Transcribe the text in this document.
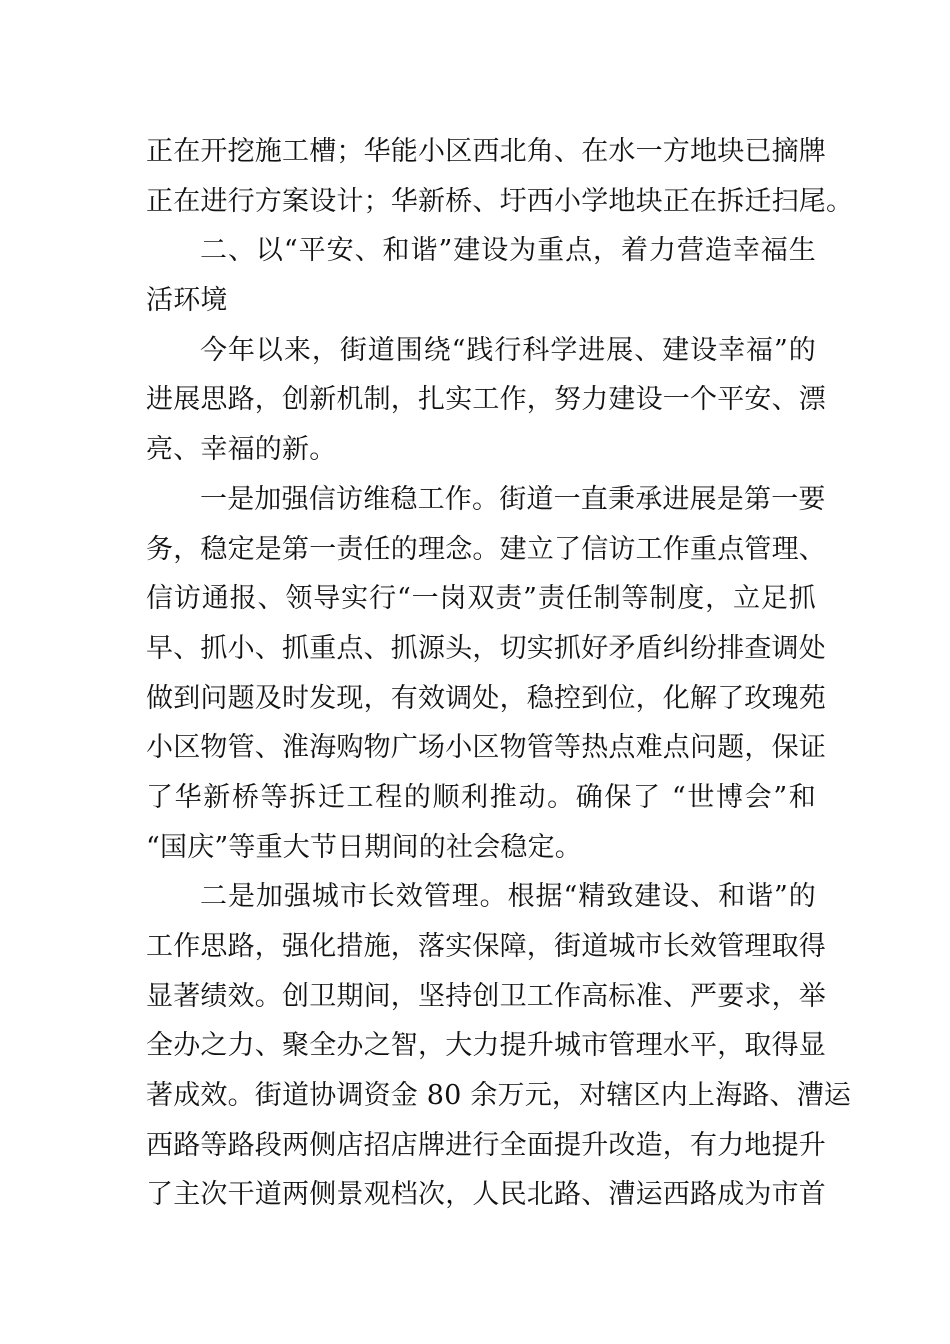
正在开挖施工槽；华能小区西北角、在水一方地块已摘牌
正在进行方案设计；华新桥、圩西小学地块正在拆迁扫尾。
二、以“平安、和谐”建设为重点，着力营造幸福生
活环境
今年以来，街道围绕“践行科学进展、建设幸福”的
进展思路，创新机制，扎实工作，努力建设一个平安、漂
亮、幸福的新。
一是加强信访维稳工作。街道一直秉承进展是第一要
务，稳定是第一责任的理念。建立了信访工作重点管理、
信访通报、领导实行“一岗双责”责任制等制度，立足抓
早、抓小、抓重点、抓源头，切实抓好矛盾纠纷排查调处
做到问题及时发现，有效调处，稳控到位，化解了玫瑰苑
小区物管、淮海购物广场小区物管等热点难点问题，保证
了华新桥等拆迁工程的顺利推动。确保了 “世博会”和
“国庆”等重大节日期间的社会稳定。
二是加强城市长效管理。根据“精致建设、和谐”的
工作思路，强化措施，落实保障，街道城市长效管理取得
显著绩效。创卫期间，坚持创卫工作高标准、严要求，举
全办之力、聚全办之智，大力提升城市管理水平，取得显
著成效。街道协调资金 80 余万元，对辖区内上海路、漕运
西路等路段两侧店招店牌进行全面提升改造，有力地提升
了主次干道两侧景观档次，人民北路、漕运西路成为市首
